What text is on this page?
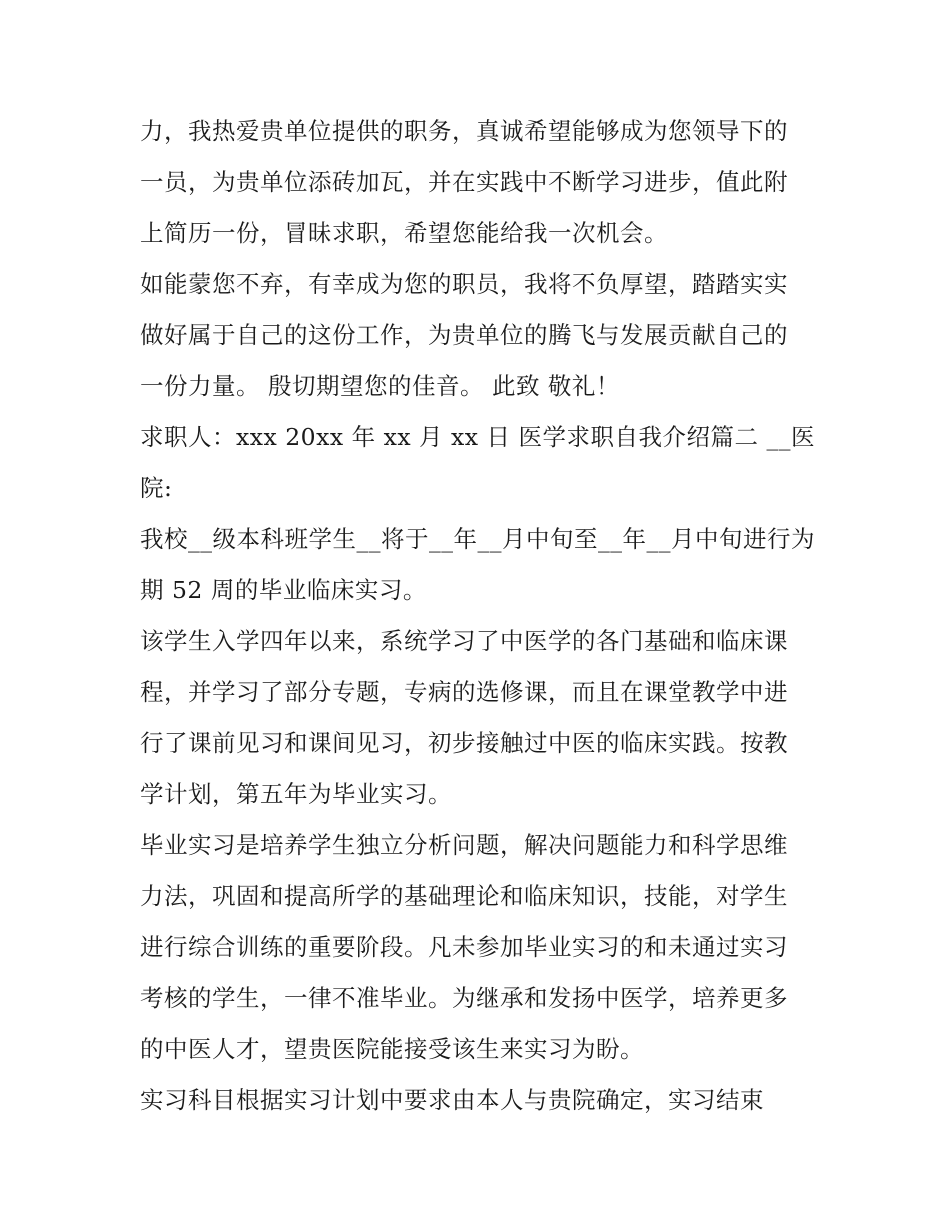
力，我热爱贵单位提供的职务，真诚希望能够成为您领导下的
一员，为贵单位添砖加瓦，并在实践中不断学习进步，值此附
上简历一份，冒昧求职，希望您能给我一次机会。
如能蒙您不弃，有幸成为您的职员，我将不负厚望，踏踏实实
做好属于自己的这份工作，为贵单位的腾飞与发展贡献自己的
一份力量。 殷切期望您的佳音。 此致 敬礼！
求职人：xxx 20xx 年 xx 月 xx 日 医学求职自我介绍篇二 __医
院:
我校__级本科班学生__将于__年__月中旬至__年__月中旬进行为
期 52 周的毕业临床实习。
该学生入学四年以来，系统学习了中医学的各门基础和临床课
程，并学习了部分专题，专病的选修课，而且在课堂教学中进
行了课前见习和课间见习，初步接触过中医的临床实践。按教
学计划，第五年为毕业实习。
毕业实习是培养学生独立分析问题，解决问题能力和科学思维
力法，巩固和提高所学的基础理论和临床知识，技能，对学生
进行综合训练的重要阶段。凡未参加毕业实习的和未通过实习
考核的学生，一律不准毕业。为继承和发扬中医学，培养更多
的中医人才，望贵医院能接受该生来实习为盼。
实习科目根据实习计划中要求由本人与贵院确定，实习结束
